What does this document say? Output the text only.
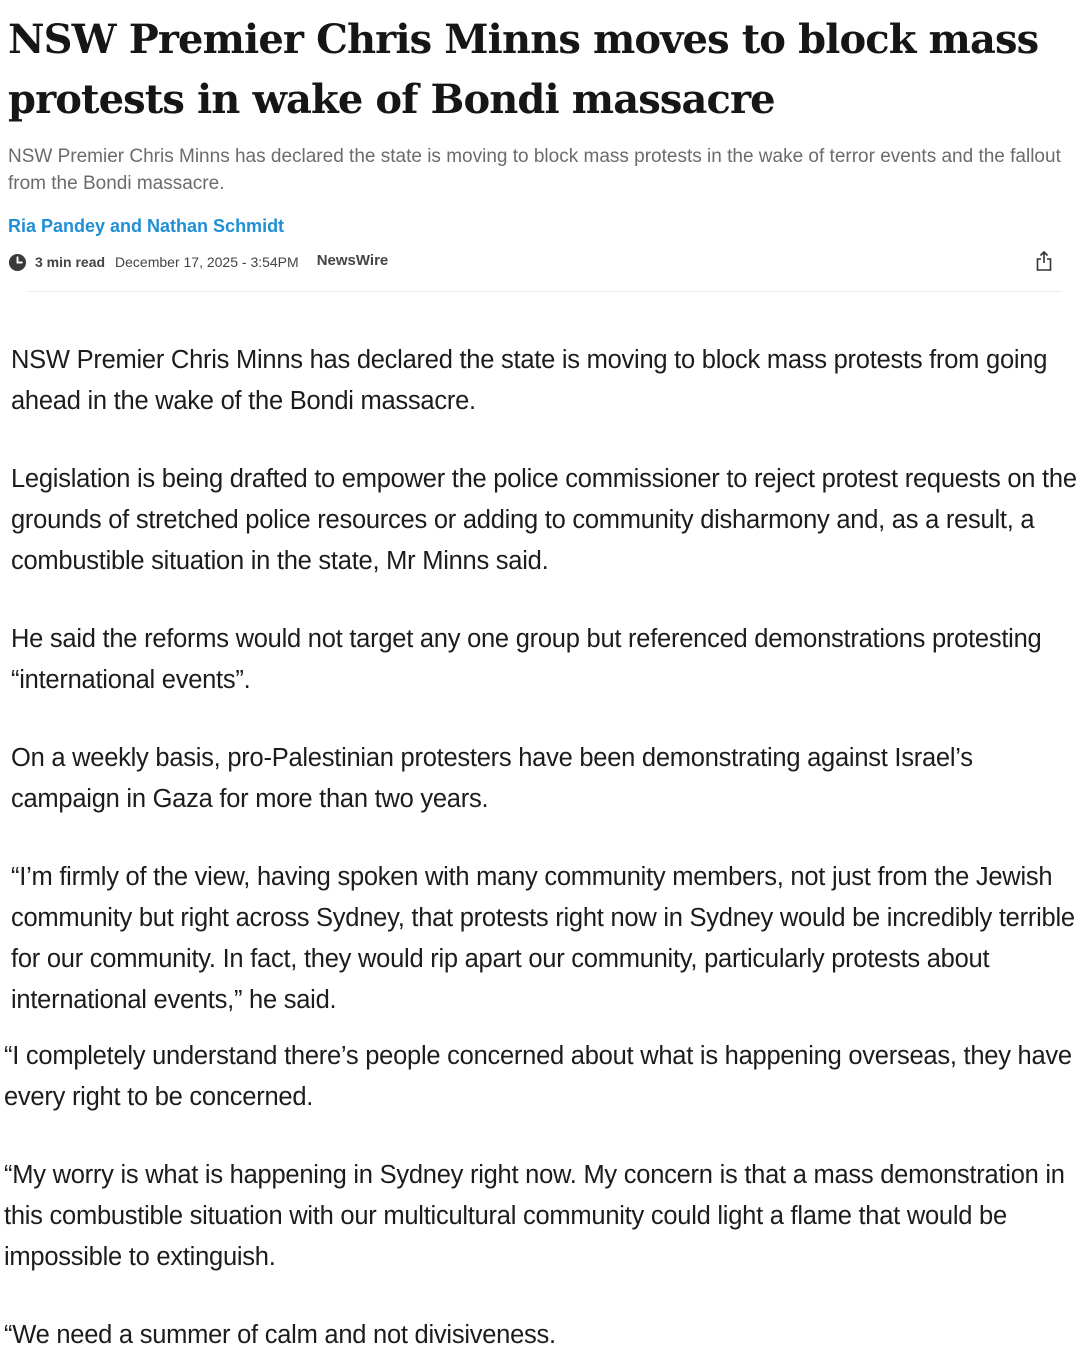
NSW Premier Chris Minns moves to block mass protests in wake of Bondi massacre

NSW Premier Chris Minns has declared the state is moving to block mass protests in the wake of terror events and the fallout from the Bondi massacre.

Ria Pandey and Nathan Schmidt
3 min read December 17, 2025 - 3:54PM NewsWire

NSW Premier Chris Minns has declared the state is moving to block mass protests from going ahead in the wake of the Bondi massacre.

Legislation is being drafted to empower the police commissioner to reject protest requests on the grounds of stretched police resources or adding to community disharmony and, as a result, a combustible situation in the state, Mr Minns said.

He said the reforms would not target any one group but referenced demonstrations protesting “international events”.

On a weekly basis, pro-Palestinian protesters have been demonstrating against Israel’s campaign in Gaza for more than two years.

“I’m firmly of the view, having spoken with many community members, not just from the Jewish community but right across Sydney, that protests right now in Sydney would be incredibly terrible for our community. In fact, they would rip apart our community, particularly protests about international events,” he said.

“I completely understand there’s people concerned about what is happening overseas, they have every right to be concerned.

“My worry is what is happening in Sydney right now. My concern is that a mass demonstration in this combustible situation with our multicultural community could light a flame that would be impossible to extinguish.

“We need a summer of calm and not divisiveness.
